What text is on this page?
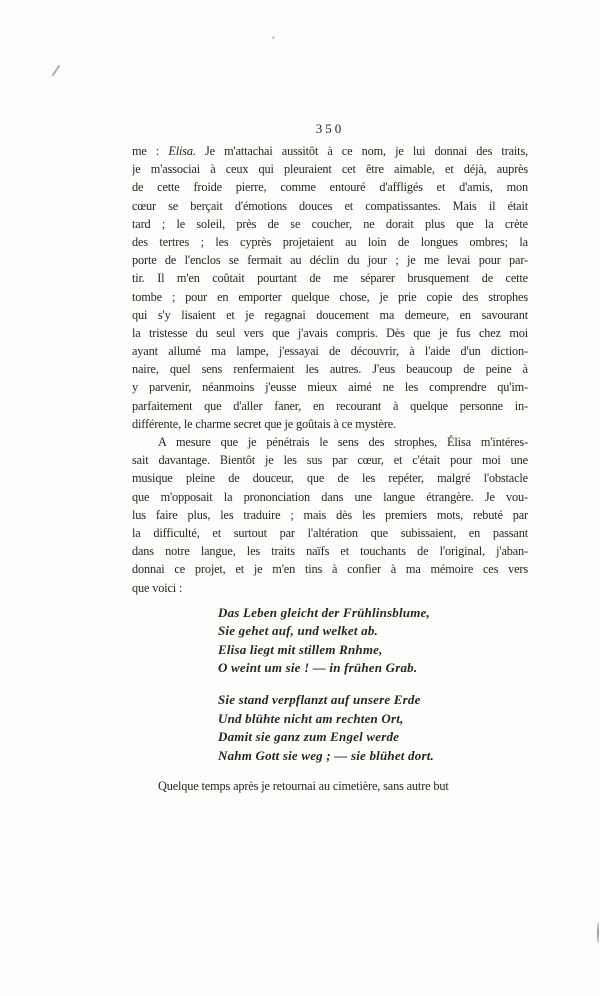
350
me : Elisa. Je m'attachai aussitôt à ce nom, je lui donnai des traits,
je m'associai à ceux qui pleuraient cet être aimable, et déjà, auprès
de cette froide pierre, comme entouré d'affligés et d'amis, mon
cœur se berçait d'émotions douces et compatissantes. Mais il était
tard ; le soleil, près de se coucher, ne dorait plus que la crète
des tertres ; les cyprès projetaient au loin de longues ombres; la
porte de l'enclos se fermait au déclin du jour ; je me levai pour par-
tir. Il m'en coûtait pourtant de me séparer brusquement de cette
tombe ; pour en emporter quelque chose, je prie copie des strophes
qui s'y lisaient et je regagnai doucement ma demeure, en savourant
la tristesse du seul vers que j'avais compris. Dès que je fus chez moi
ayant allumé ma lampe, j'essayai de découvrir, à l'aide d'un diction-
naire, quel sens renfermaient les autres. J'eus beaucoup de peine à
y parvenir, néanmoins j'eusse mieux aimé ne les comprendre qu'im-
parfaitement que d'aller faner, en recourant à quelque personne in-
différente, le charme secret que je goûtais à ce mystère.
A mesure que je pénétrais le sens des strophes, Élisa m'intéres-
sait davantage. Bientôt je les sus par cœur, et c'était pour moi une
musique pleine de douceur, que de les repéter, malgré l'obstacle
que m'opposait la prononciation dans une langue étrangère. Je vou-
lus faire plus, les traduire ; mais dès les premiers mots, rebuté par
la difficulté, et surtout par l'altération que subissaient, en passant
dans notre langue, les traits naïfs et touchants de l'original, j'aban-
donnai ce projet, et je m'en tins à confier à ma mémoire ces vers
que voici :
Das Leben gleicht der Frühlinsblume,
Sie gehet auf, und welket ab.
Elisa liegt mit stillem Rnhme,
O weint um sie ! — in frühen Grab.
Sie stand verpflanzt auf unsere Erde
Und blühte nicht am rechten Ort,
Damit sie ganz zum Engel werde
Nahm Gott sie weg ; — sie blühet dort.
Quelque temps après je retournai au cimetière, sans autre but
